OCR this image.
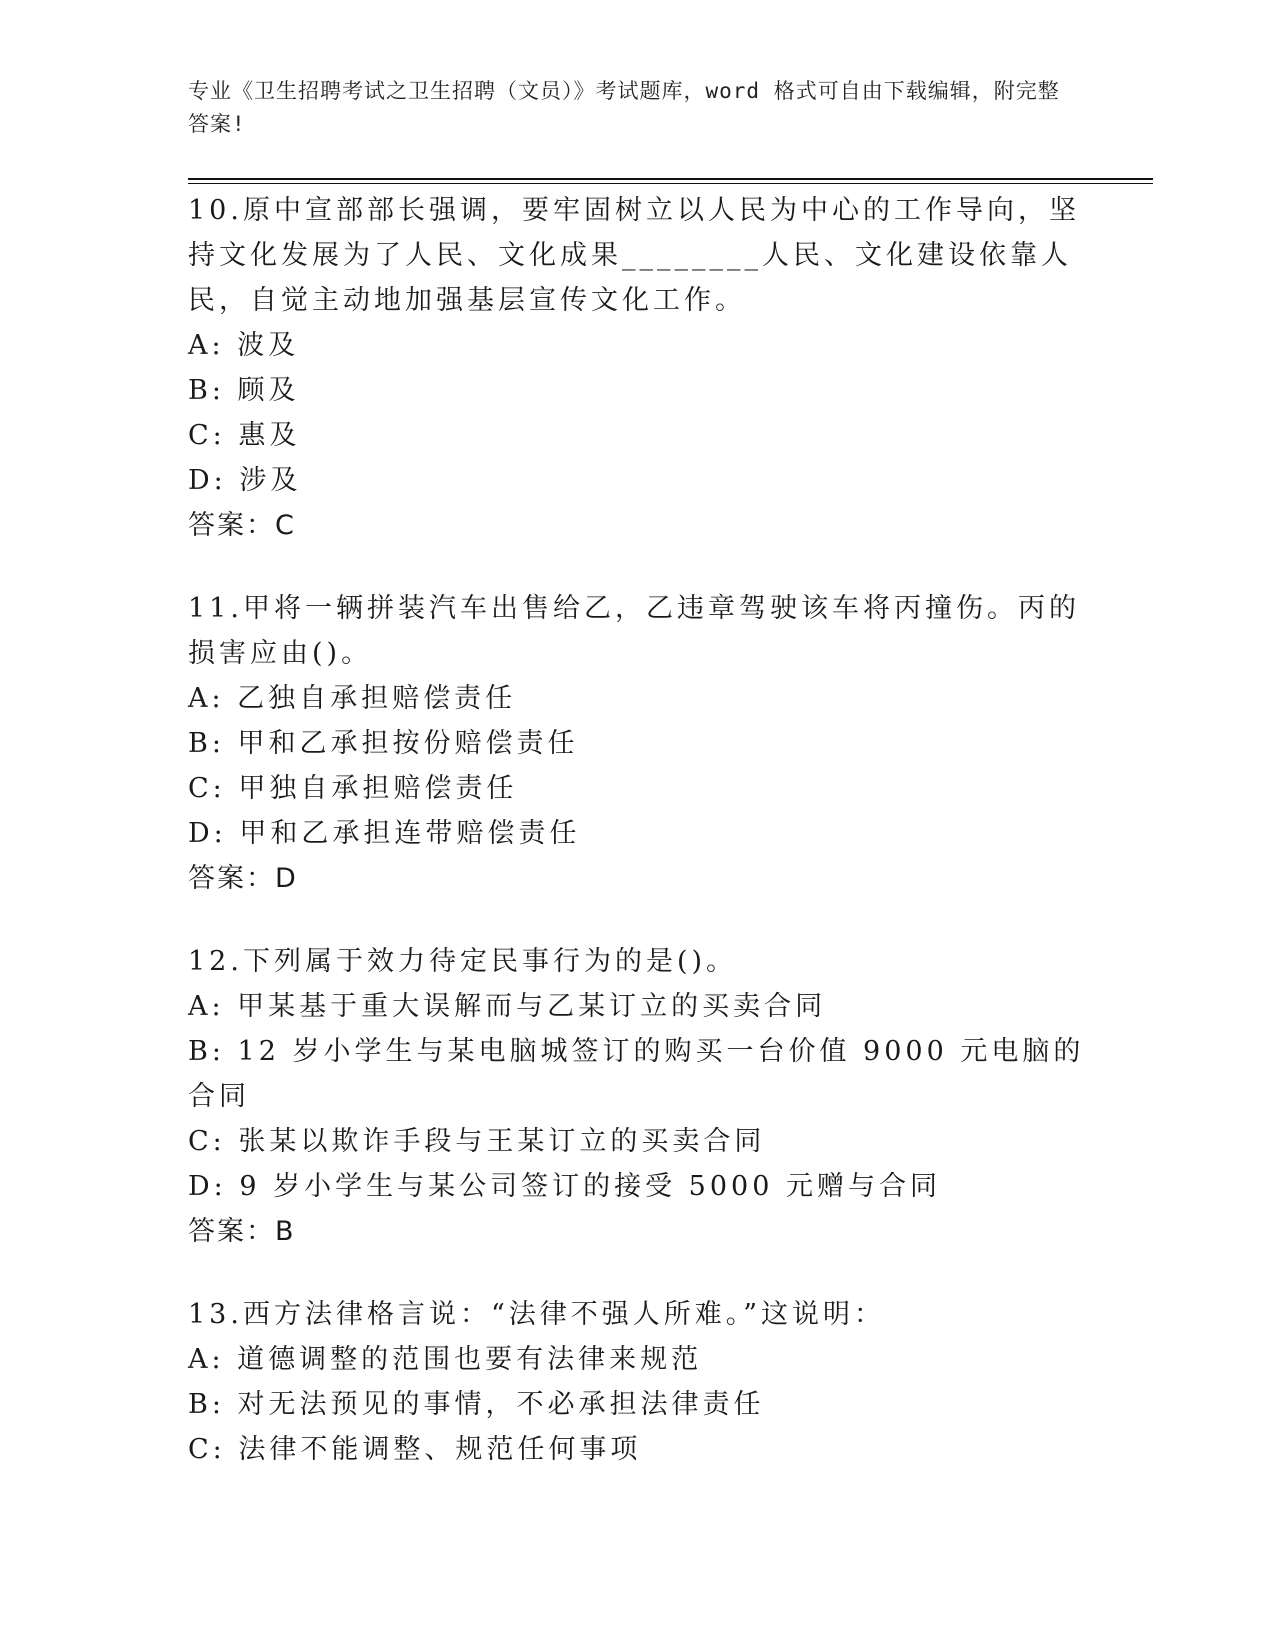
专业《卫生招聘考试之卫生招聘（文员）》考试题库，word 格式可自由下载编辑，附完整答案!

10.原中宣部部长强调，要牢固树立以人民为中心的工作导向，坚持文化发展为了人民、文化成果________人民、文化建设依靠人民，自觉主动地加强基层宣传文化工作。

A: 波及

B: 顾及

C: 惠及

D: 涉及

答案：C

11.甲将一辆拼装汽车出售给乙，乙违章驾驶该车将丙撞伤。丙的损害应由()。

A: 乙独自承担赔偿责任

B: 甲和乙承担按份赔偿责任

C: 甲独自承担赔偿责任

D: 甲和乙承担连带赔偿责任

答案：D

12.下列属于效力待定民事行为的是()。

A: 甲某基于重大误解而与乙某订立的买卖合同

B: 12 岁小学生与某电脑城签订的购买一台价值 9000 元电脑的合同

C: 张某以欺诈手段与王某订立的买卖合同

D: 9 岁小学生与某公司签订的接受 5000 元赠与合同

答案：B

13.西方法律格言说：“法律不强人所难。”这说明：

A: 道德调整的范围也要有法律来规范

B: 对无法预见的事情，不必承担法律责任

C: 法律不能调整、规范任何事项
